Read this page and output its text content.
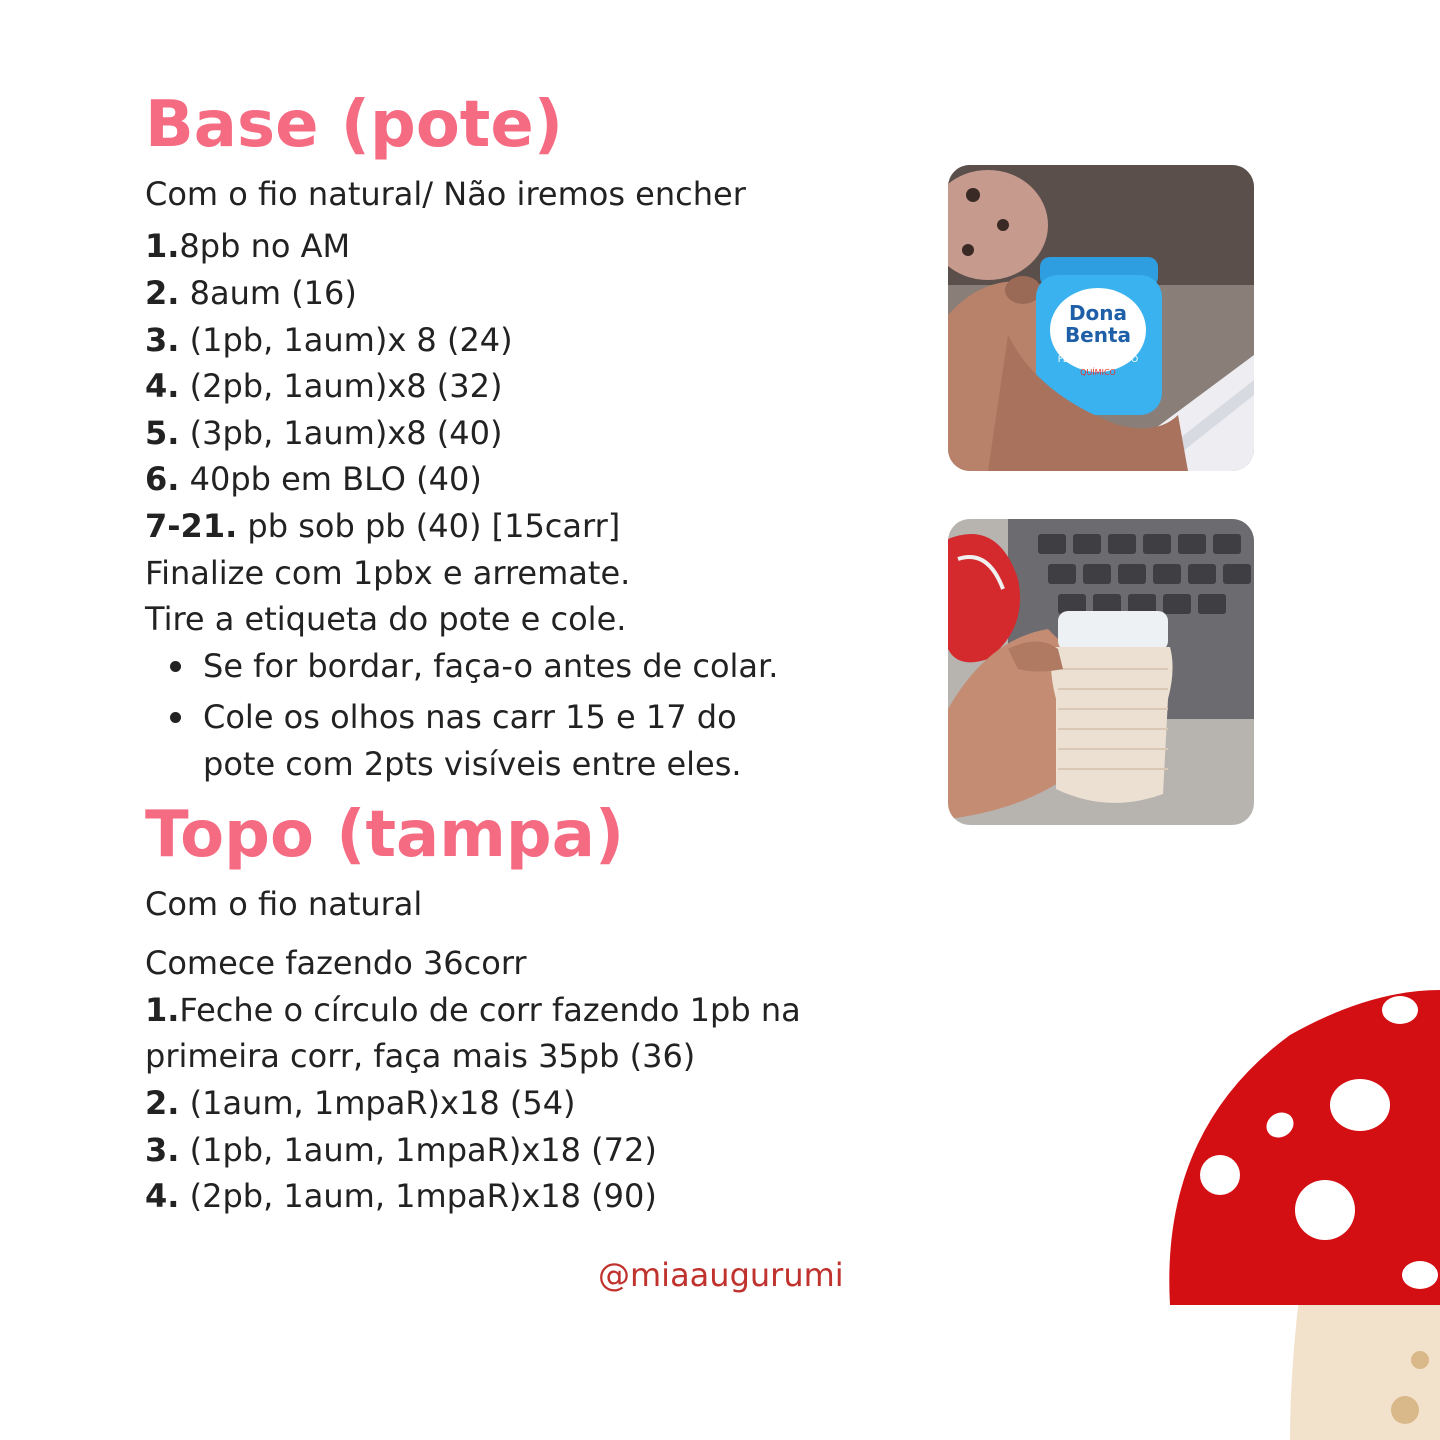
Base (pote)
Com o fio natural/ Não iremos encher
1.8pb no AM
2. 8aum (16)
3. (1pb, 1aum)x 8 (24)
4. (2pb, 1aum)x8 (32)
5. (3pb, 1aum)x8 (40)
6. 40pb em BLO (40)
7-21. pb sob pb (40) [15carr]
Finalize com 1pbx e arremate.
Tire a etiqueta do pote e cole.
Se for bordar, faça-o antes de colar.
Cole os olhos nas carr 15 e 17 do
pote com 2pts visíveis entre eles.
Topo (tampa)
Com o fio natural
Comece fazendo 36corr
1.Feche o círculo de corr fazendo 1pb na
primeira corr, faça mais 35pb (36)
2. (1aum, 1mpaR)x18 (54)
3. (1pb, 1aum, 1mpaR)x18 (72)
4. (2pb, 1aum, 1mpaR)x18 (90)
@miaaugurumi
Dona
Benta
FERMENTO EN PÓ
QUÍMICO
